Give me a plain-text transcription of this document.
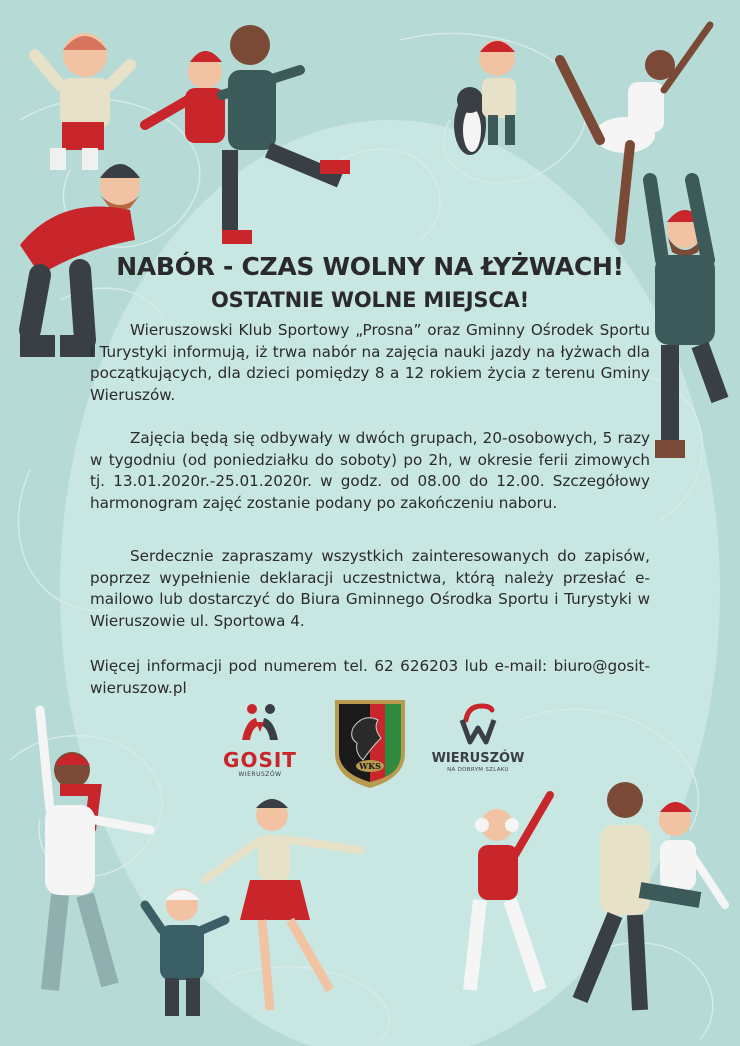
NABÓR - CZAS WOLNY NA ŁYŻWACH!
OSTATNIE WOLNE MIEJSCA!

Wieruszowski Klub Sportowy „Prosna” oraz Gminny Ośrodek Sportu i Turystyki informują, iż trwa nabór na zajęcia nauki jazdy na łyżwach dla początkujących, dla dzieci pomiędzy 8 a 12 rokiem życia z terenu Gminy Wieruszów.

Zajęcia będą się odbywały w dwóch grupach, 20-osobowych, 5 razy w tygodniu (od poniedziałku do soboty) po 2h, w okresie ferii zimowych tj. 13.01.2020r.-25.01.2020r. w godz. od 08.00 do 12.00. Szczegółowy harmonogram zajęć zostanie podany po zakończeniu naboru.

Serdecznie zapraszamy wszystkich zainteresowanych do zapisów, poprzez wypełnienie deklaracji uczestnictwa, którą należy przesłać e-mailowo lub dostarczyć do Biura Gminnego Ośrodka Sportu i Turystyki w Wieruszowie ul. Sportowa 4.

Więcej informacji pod numerem tel. 62 626203 lub e-mail: biuro@gosit-wieruszow.pl

GOSIT
WIERUSZÓW
WKS	WIERUSZÓW
NA DOBRYM SZLAKU
